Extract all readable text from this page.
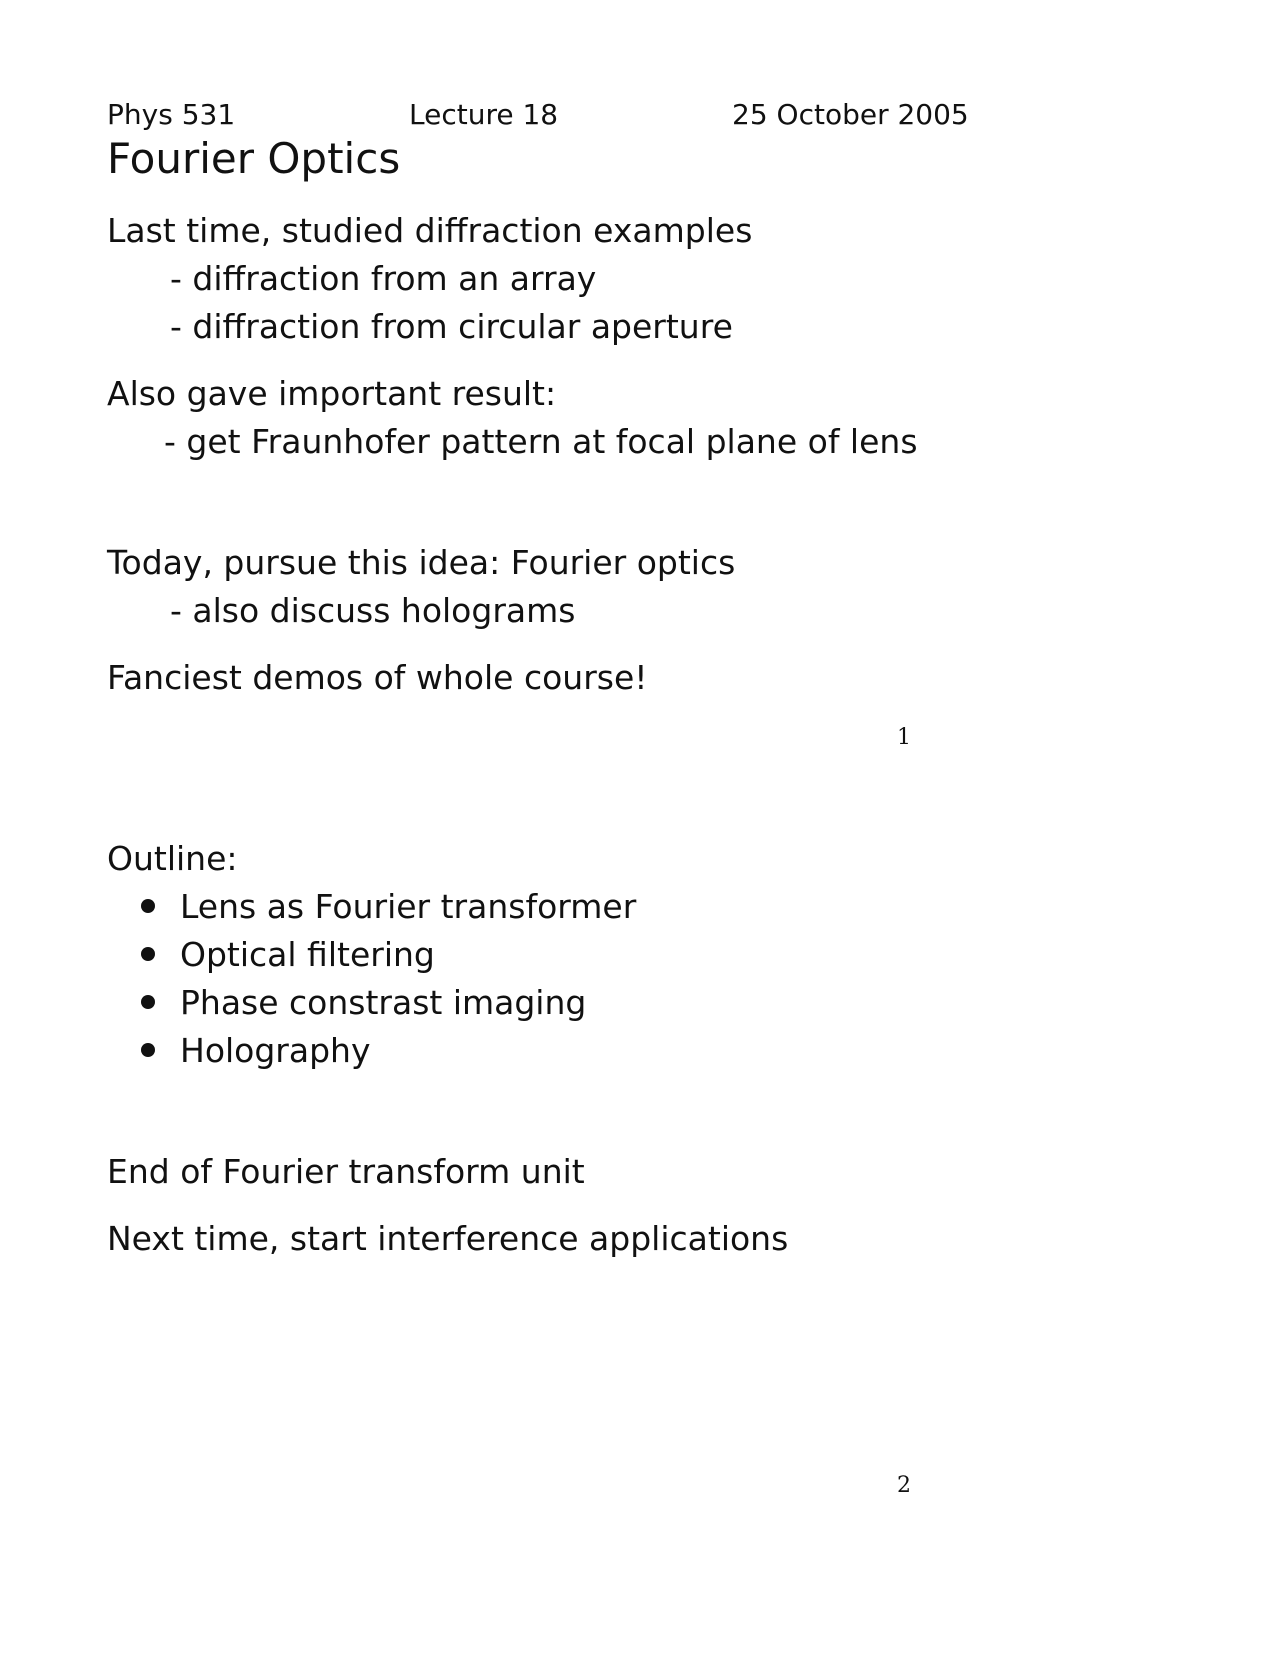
Phys 531	Lecture 18	25 October 2005
Fourier Optics
Last time, studied diffraction examples
- diffraction from an array
- diffraction from circular aperture
Also gave important result:
- get Fraunhofer pattern at focal plane of lens
Today, pursue this idea: Fourier optics
- also discuss holograms
Fanciest demos of whole course!
1
Outline:
Lens as Fourier transformer
Optical filtering
Phase constrast imaging
Holography
End of Fourier transform unit
Next time, start interference applications
2
